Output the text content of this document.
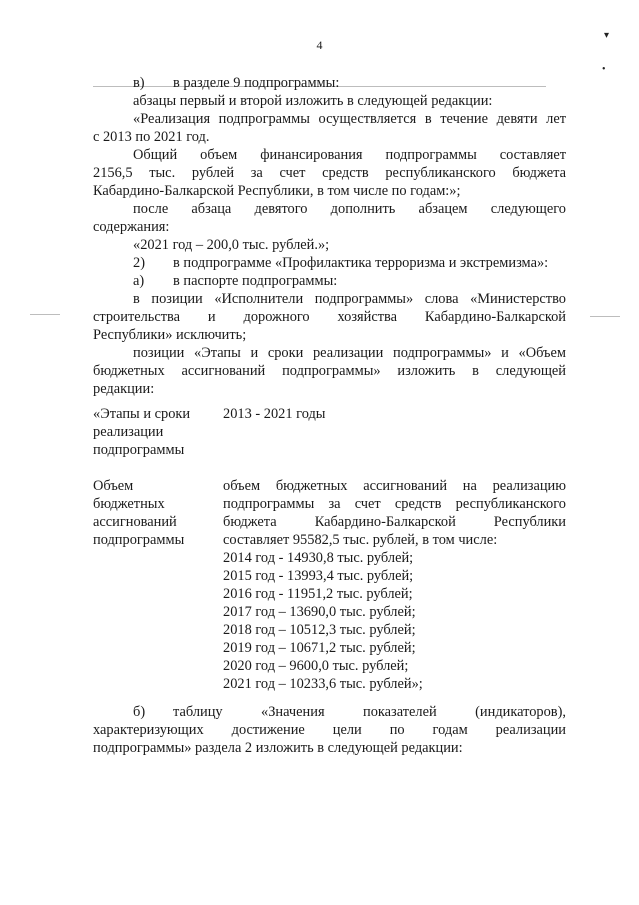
4
▾
•

в) в разделе 9 подпрограммы:

абзацы первый и второй изложить в следующей редакции:

«Реализация подпрограммы осуществляется в течение девяти лет

с 2013 по 2021 год.

Общий объем финансирования подпрограммы составляет

2156,5 тыс. рублей за счет средств республиканского бюджета

Кабардино-Балкарской Республики, в том числе по годам:»;

после абзаца девятого дополнить абзацем следующего

содержания:

«2021 год – 200,0 тыс. рублей.»;

2) в подпрограмме «Профилактика терроризма и экстремизма»:

а) в паспорте подпрограммы:

в позиции «Исполнители подпрограммы» слова «Министерство

строительства и дорожного хозяйства Кабардино-Балкарской

Республики» исключить;

позиции «Этапы и сроки реализации подпрограммы» и «Объем

бюджетных ассигнований подпрограммы» изложить в следующей

редакции:

«Этапы и сроки
реализации
подпрограммы
2013 - 2021 годы
Объем
бюджетных
ассигнований
подпрограммы
объем бюджетных ассигнований на реализацию
подпрограммы за счет средств республиканского
бюджета Кабардино-Балкарской Республики
составляет 95582,5 тыс. рублей, в том числе:
2014 год - 14930,8 тыс. рублей;
2015 год - 13993,4 тыс. рублей;
2016 год - 11951,2 тыс. рублей;
2017 год – 13690,0 тыс. рублей;
2018 год – 10512,3 тыс. рублей;
2019 год – 10671,2 тыс. рублей;
2020 год – 9600,0 тыс. рублей;
2021 год – 10233,6 тыс. рублей»;

б) таблицу «Значения показателей (индикаторов),

характеризующих достижение цели по годам реализации

подпрограммы» раздела 2 изложить в следующей редакции:
